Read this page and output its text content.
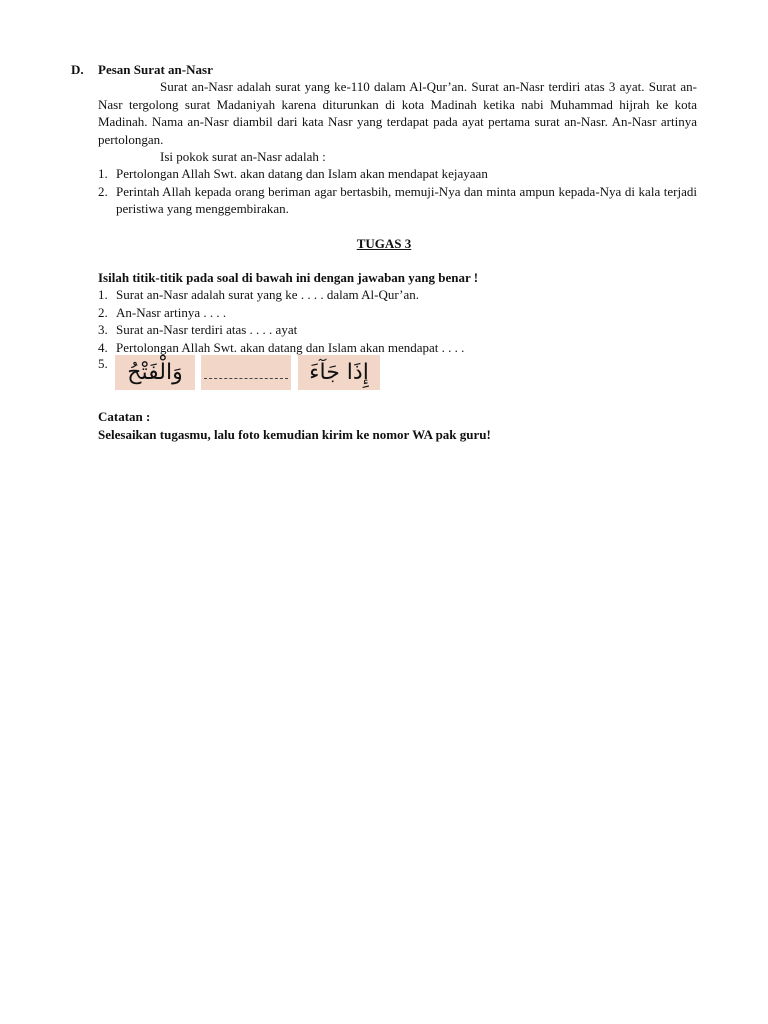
D. Pesan Surat an-Nasr
Surat an-Nasr adalah surat yang ke-110 dalam Al-Qur’an. Surat an-Nasr terdiri atas 3 ayat. Surat an-Nasr tergolong surat Madaniyah karena diturunkan di kota Madinah ketika nabi Muhammad hijrah ke kota Madinah. Nama an-Nasr diambil dari kata Nasr yang terdapat pada ayat pertama surat an-Nasr. An-Nasr artinya pertolongan.
Isi pokok surat an-Nasr adalah :
1. Pertolongan Allah Swt. akan datang dan Islam akan mendapat kejayaan
2. Perintah Allah kepada orang beriman agar bertasbih, memuji-Nya dan minta ampun kepada-Nya di kala terjadi peristiwa yang menggembirakan.
TUGAS 3
Isilah titik-titik pada soal di bawah ini dengan jawaban yang benar !
1. Surat an-Nasr adalah surat yang ke . . . . dalam Al-Qur’an.
2. An-Nasr artinya . . . .
3. Surat an-Nasr terdiri atas . . . . ayat
4. Pertolongan Allah Swt. akan datang dan Islam akan mendapat . . . .
5. وَالْفَتْحُ	إِذَا جَآءَ
Catatan :
Selesaikan tugasmu, lalu foto kemudian kirim ke nomor WA pak guru!
